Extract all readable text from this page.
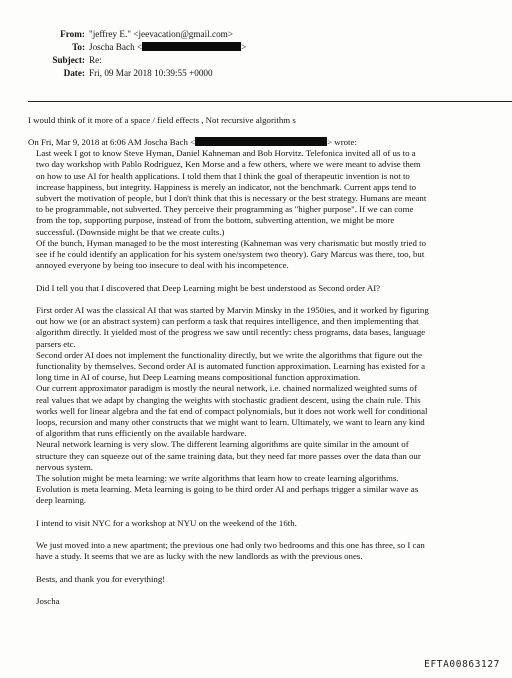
From: "jeffrey E." <jeevacation@gmail.com>
To: Joscha Bach <	>
Subject: Re:
Date: Fri, 09 Mar 2018 10:39:55 +0000
I would think of it more of a space / field effects , Not recursive algorithm s
On Fri, Mar 9, 2018 at 6:06 AM Joscha Bach <	> wrote:
Last week I got to know Steve Hyman, Daniel Kahneman and Bob Horvitz. Telefonica invited all of us to a
two day workshop with Pablo Rodriguez, Ken Morse and a few others, where we were meant to advise them
on how to use AI for health applications. I told them that I think the goal of therapeutic invention is not to
increase happiness, but integrity. Happiness is merely an indicator, not the benchmark. Current apps tend to
subvert the motivation of people, but I don't think that this is necessary or the best strategy. Humans are meant
to be programmable, not subverted. They perceive their programming as "higher purpose". If we can come
from the top, supporting purpose, instead of from the bottom, subverting attention, we might be more
successful. (Downside might be that we create cults.)
Of the bunch, Hyman managed to be the most interesting (Kahneman was very charismatic but mostly tried to
see if he could identify an application for his system one/system two theory). Gary Marcus was there, too, but
annoyed everyone by being too insecure to deal with his incompetence.
Did I tell you that I discovered that Deep Learning might be best understood as Second order AI?
First order AI was the classical AI that was started by Marvin Minsky in the 1950ies, and it worked by figuring
out how we (or an abstract system) can perform a task that requires intelligence, and then implementing that
algorithm directly. It yielded most of the progress we saw until recently: chess programs, data bases, language
parsers etc.
Second order AI does not implement the functionality directly, but we write the algorithms that figure out the
functionality by themselves. Second order AI is automated function approximation. Learning has existed for a
long time in AI of course, but Deep Learning means compositional function approximation.
Our current approximator paradigm is mostly the neural network, i.e. chained normalized weighted sums of
real values that we adapt by changing the weights with stochastic gradient descent, using the chain rule. This
works well for linear algebra and the fat end of compact polynomials, but it does not work well for conditional
loops, recursion and many other constructs that we might want to learn. Ultimately, we want to learn any kind
of algorithm that runs efficiently on the available hardware.
Neural network learning is very slow. The different learning algorithms are quite similar in the amount of
structure they can squeeze out of the same training data, but they need far more passes over the data than our
nervous system.
The solution might be meta learning: we write algorithms that learn how to create learning algorithms.
Evolution is meta learning. Meta learning is going to be third order AI and perhaps trigger a similar wave as
deep learning.
I intend to visit NYC for a workshop at NYU on the weekend of the 16th.
We just moved into a new apartment; the previous one had only two bedrooms and this one has three, so I can
have a study. It seems that we are as lucky with the new landlords as with the previous ones.
Bests, and thank you for everything!
Joscha
EFTA00863127
